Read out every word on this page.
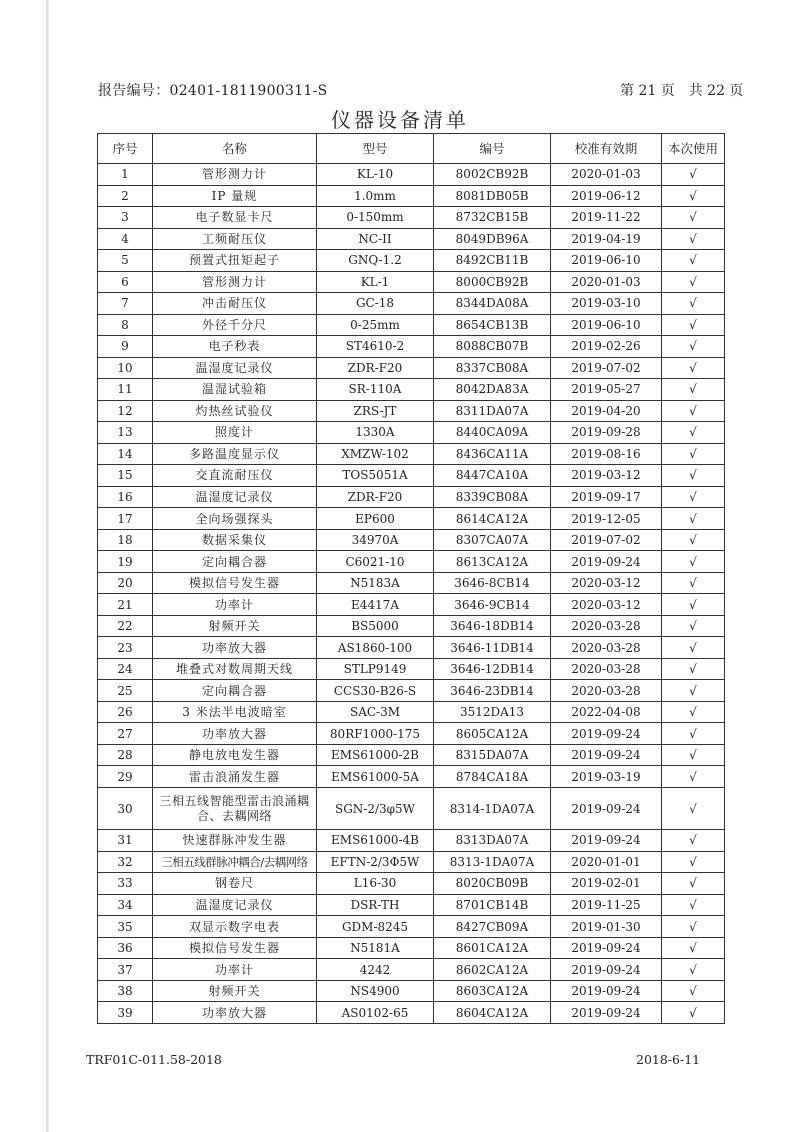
报告编号：02401-1811900311-S	第 21 页　共 22 页
仪器设备清单
序号	名称	型号	编号	校准有效期	本次使用
1	管形测力计	KL-10	8002CB92B	2020-01-03	√
2	IP 量规	1.0mm	8081DB05B	2019-06-12	√
3	电子数显卡尺	0-150mm	8732CB15B	2019-11-22	√
4	工频耐压仪	NC-II	8049DB96A	2019-04-19	√
5	预置式扭矩起子	GNQ-1.2	8492CB11B	2019-06-10	√
6	管形测力计	KL-1	8000CB92B	2020-01-03	√
7	冲击耐压仪	GC-18	8344DA08A	2019-03-10	√
8	外径千分尺	0-25mm	8654CB13B	2019-06-10	√
9	电子秒表	ST4610-2	8088CB07B	2019-02-26	√
10	温湿度记录仪	ZDR-F20	8337CB08A	2019-07-02	√
11	温湿试验箱	SR-110A	8042DA83A	2019-05-27	√
12	灼热丝试验仪	ZRS-JT	8311DA07A	2019-04-20	√
13	照度计	1330A	8440CA09A	2019-09-28	√
14	多路温度显示仪	XMZW-102	8436CA11A	2019-08-16	√
15	交直流耐压仪	TOS5051A	8447CA10A	2019-03-12	√
16	温湿度记录仪	ZDR-F20	8339CB08A	2019-09-17	√
17	全向场强探头	EP600	8614CA12A	2019-12-05	√
18	数据采集仪	34970A	8307CA07A	2019-07-02	√
19	定向耦合器	C6021-10	8613CA12A	2019-09-24	√
20	模拟信号发生器	N5183A	3646-8CB14	2020-03-12	√
21	功率计	E4417A	3646-9CB14	2020-03-12	√
22	射频开关	BS5000	3646-18DB14	2020-03-28	√
23	功率放大器	AS1860-100	3646-11DB14	2020-03-28	√
24	堆叠式对数周期天线	STLP9149	3646-12DB14	2020-03-28	√
25	定向耦合器	CCS30-B26-S	3646-23DB14	2020-03-28	√
26	3 米法半电波暗室	SAC-3M	3512DA13	2022-04-08	√
27	功率放大器	80RF1000-175	8605CA12A	2019-09-24	√
28	静电放电发生器	EMS61000-2B	8315DA07A	2019-09-24	√
29	雷击浪涌发生器	EMS61000-5A	8784CA18A	2019-03-19	√
30	三相五线智能型雷击浪涌耦合、去耦网络	SGN-2/3φ5W	8314-1DA07A	2019-09-24	√
31	快速群脉冲发生器	EMS61000-4B	8313DA07A	2019-09-24	√
32	三相五线群脉冲耦合/去耦网络	EFTN-2/3Φ5W	8313-1DA07A	2020-01-01	√
33	钢卷尺	L16-30	8020CB09B	2019-02-01	√
34	温湿度记录仪	DSR-TH	8701CB14B	2019-11-25	√
35	双显示数字电表	GDM-8245	8427CB09A	2019-01-30	√
36	模拟信号发生器	N5181A	8601CA12A	2019-09-24	√
37	功率计	4242	8602CA12A	2019-09-24	√
38	射频开关	NS4900	8603CA12A	2019-09-24	√
39	功率放大器	AS0102-65	8604CA12A	2019-09-24	√
TRF01C-011.58-2018	2018-6-11
